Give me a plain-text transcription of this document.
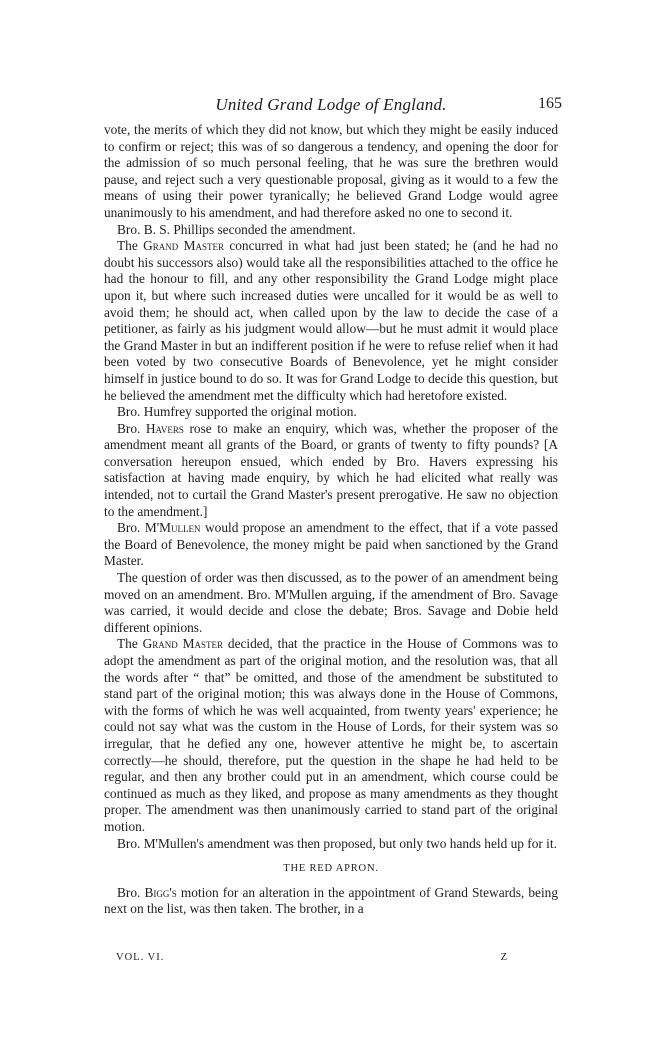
United Grand Lodge of England.	165

vote, the merits of which they did not know, but which they might be easily induced to confirm or reject; this was of so dangerous a tendency, and opening the door for the admission of so much personal feeling, that he was sure the brethren would pause, and reject such a very questionable proposal, giving as it would to a few the means of using their power tyranically; he believed Grand Lodge would agree unanimously to his amendment, and had therefore asked no one to second it.

Bro. B. S. Phillips seconded the amendment.

The Grand Master concurred in what had just been stated; he (and he had no doubt his successors also) would take all the responsibilities attached to the office he had the honour to fill, and any other responsibility the Grand Lodge might place upon it, but where such increased duties were uncalled for it would be as well to avoid them; he should act, when called upon by the law to decide the case of a petitioner, as fairly as his judgment would allow—but he must admit it would place the Grand Master in but an indifferent position if he were to refuse relief when it had been voted by two consecutive Boards of Benevolence, yet he might consider himself in justice bound to do so. It was for Grand Lodge to decide this question, but he believed the amendment met the difficulty which had heretofore existed.

Bro. Humfrey supported the original motion.

Bro. Havers rose to make an enquiry, which was, whether the proposer of the amendment meant all grants of the Board, or grants of twenty to fifty pounds? [A conversation hereupon ensued, which ended by Bro. Havers expressing his satisfaction at having made enquiry, by which he had elicited what really was intended, not to curtail the Grand Master's present prerogative. He saw no objection to the amendment.]

Bro. M'Mullen would propose an amendment to the effect, that if a vote passed the Board of Benevolence, the money might be paid when sanctioned by the Grand Master.

The question of order was then discussed, as to the power of an amendment being moved on an amendment. Bro. M'Mullen arguing, if the amendment of Bro. Savage was carried, it would decide and close the debate; Bros. Savage and Dobie held different opinions.

The Grand Master decided, that the practice in the House of Commons was to adopt the amendment as part of the original motion, and the resolution was, that all the words after “ that” be omitted, and those of the amendment be substituted to stand part of the original motion; this was always done in the House of Commons, with the forms of which he was well acquainted, from twenty years' experience; he could not say what was the custom in the House of Lords, for their system was so irregular, that he defied any one, however attentive he might be, to ascertain correctly—he should, therefore, put the question in the shape he had held to be regular, and then any brother could put in an amendment, which course could be continued as much as they liked, and propose as many amendments as they thought proper. The amendment was then unanimously carried to stand part of the original motion.

Bro. M'Mullen's amendment was then proposed, but only two hands held up for it.

THE RED APRON.

Bro. Bigg's motion for an alteration in the appointment of Grand Stewards, being next on the list, was then taken. The brother, in a

VOL. VI.	Z
